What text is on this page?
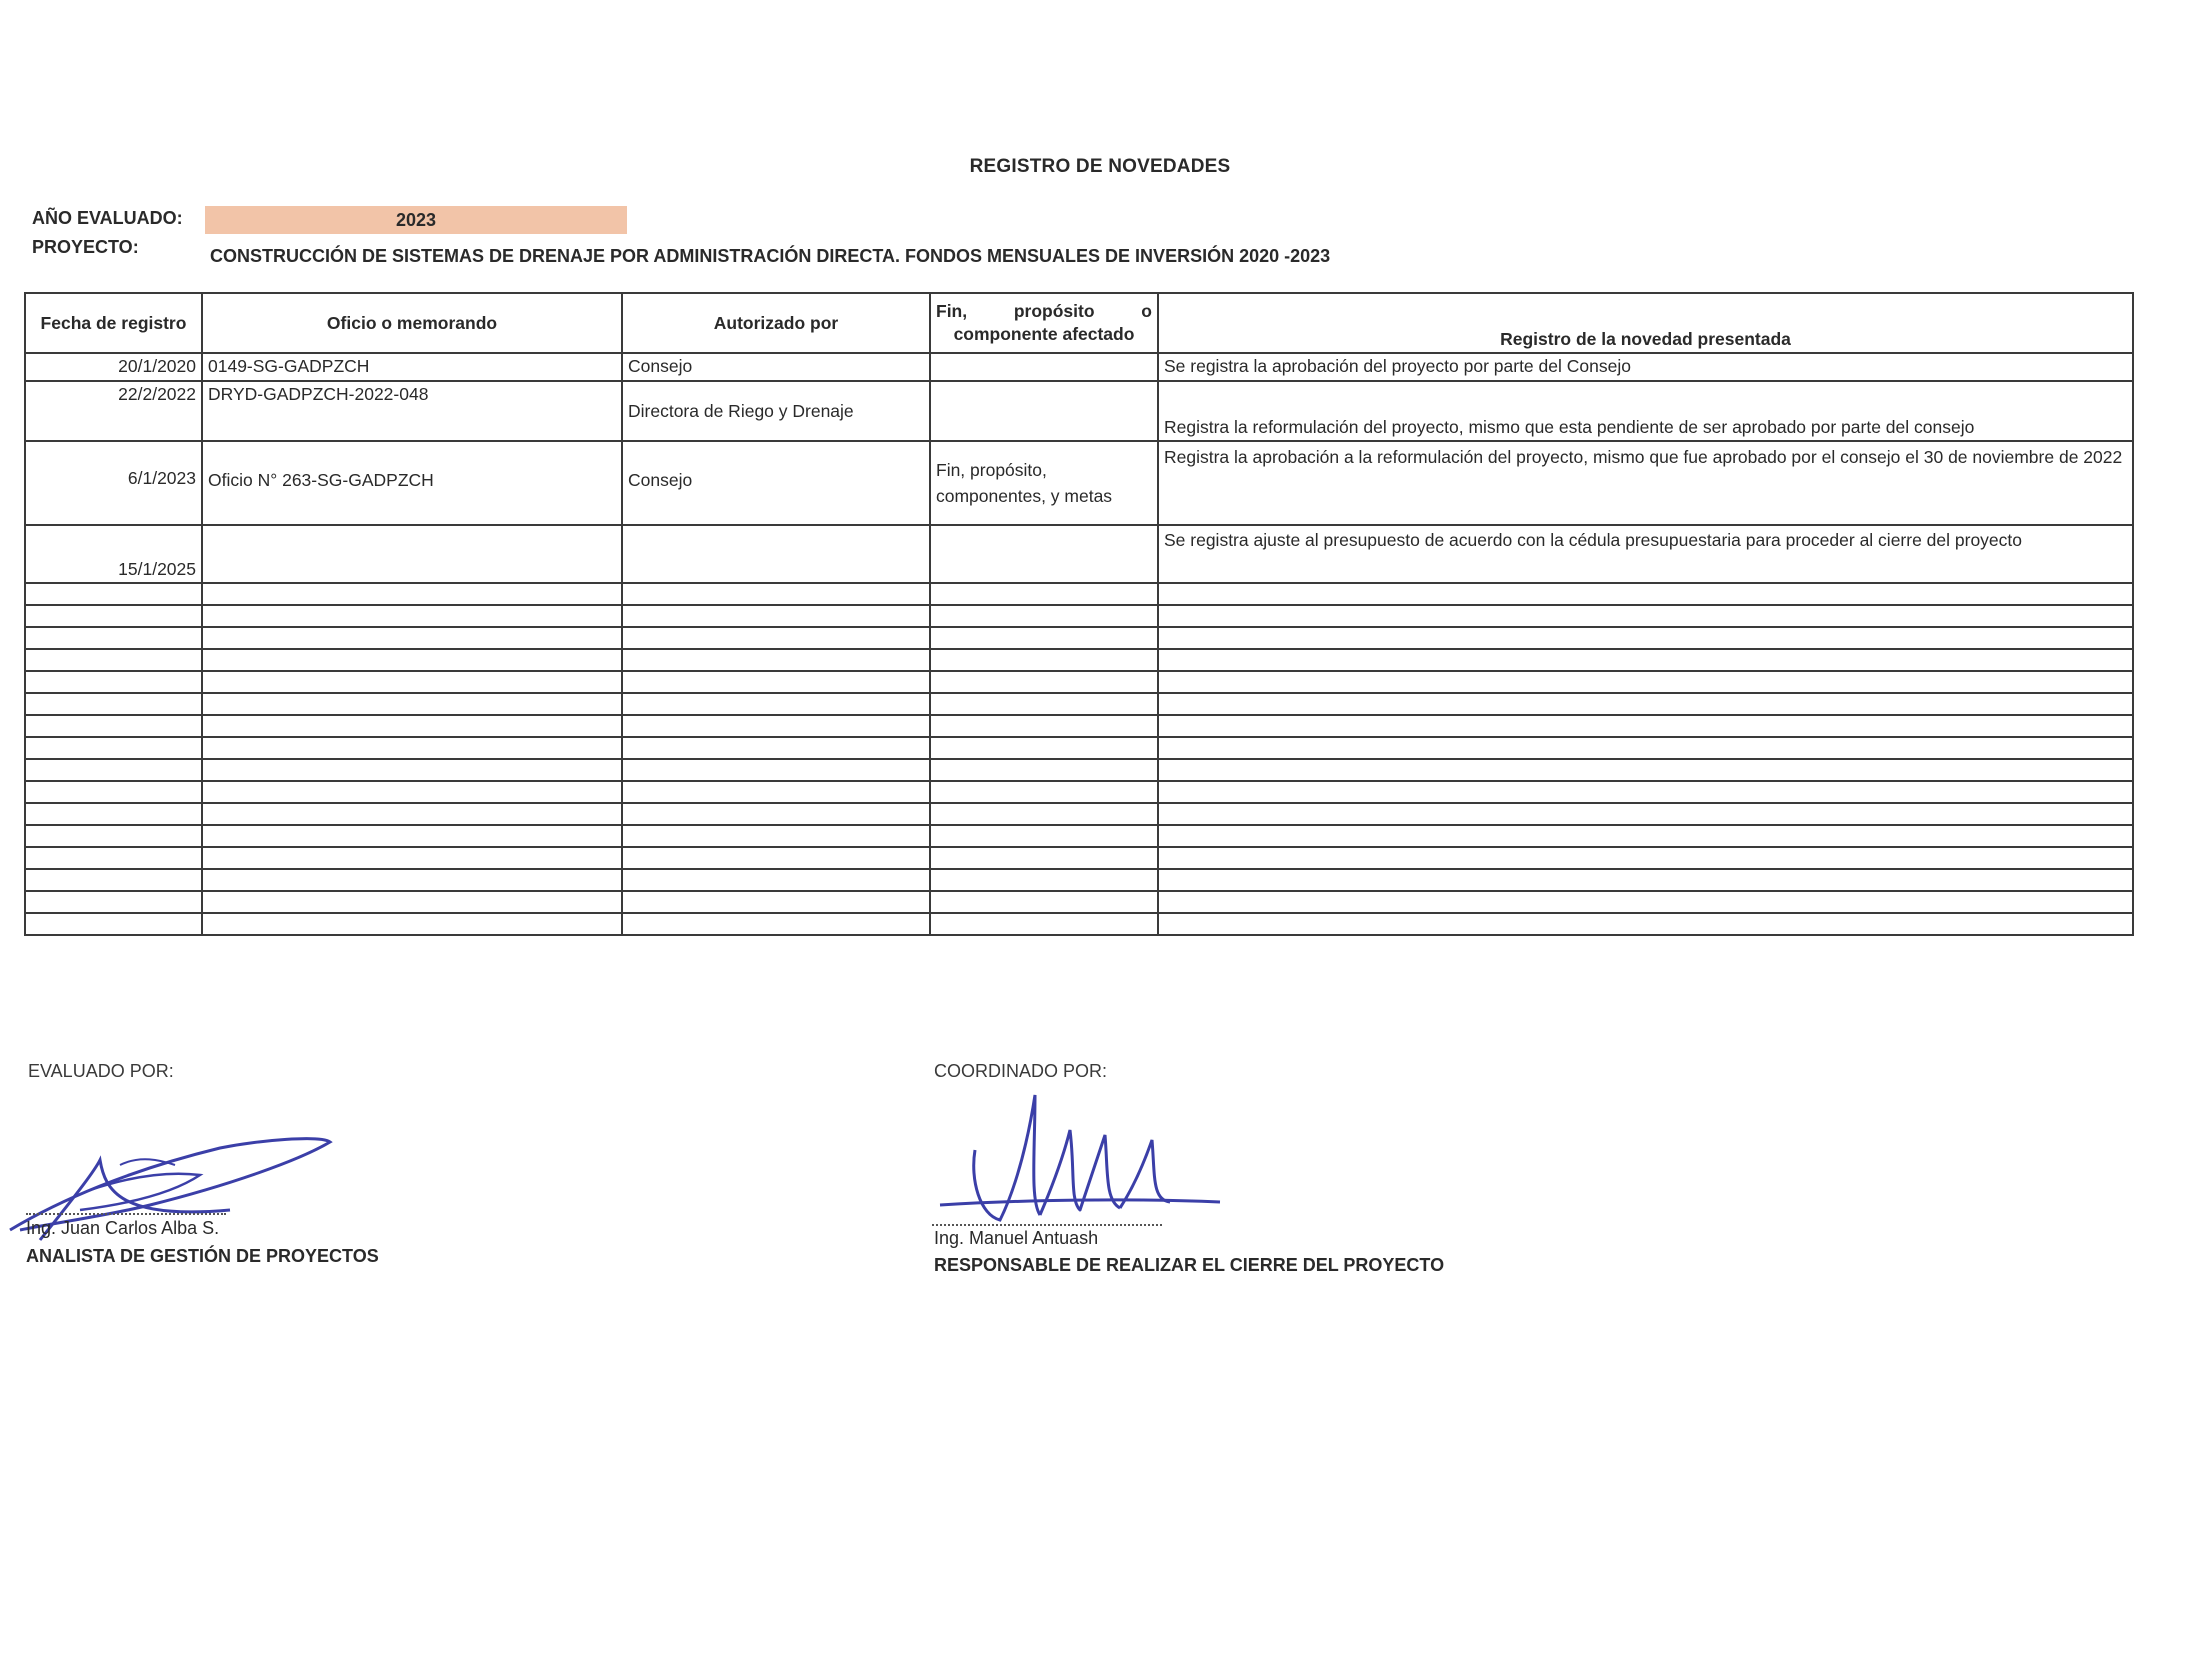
REGISTRO DE NOVEDADES
AÑO EVALUADO:	2023
PROYECTO:	CONSTRUCCIÓN DE SISTEMAS DE DRENAJE POR ADMINISTRACIÓN DIRECTA. FONDOS MENSUALES DE INVERSIÓN 2020 -2023
Fecha de registro	Oficio o memorando	Autorizado por	Fin, propósito o
componente afectado	Registro de la novedad presentada
20/1/2020	0149-SG-GADPZCH	Consejo		Se registra la aprobación del proyecto por parte del Consejo
22/2/2022	DRYD-GADPZCH-2022-048	Directora de Riego y Drenaje		Registra la reformulación del proyecto, mismo que esta pendiente de ser aprobado por parte del consejo
6/1/2023	Oficio N° 263-SG-GADPZCH	Consejo	Fin, propósito, componentes, y metas	Registra la aprobación a la reformulación del proyecto, mismo que fue aprobado por el consejo el 30 de noviembre de 2022
15/1/2025				Se registra ajuste al presupuesto de acuerdo con la cédula presupuestaria para proceder al cierre del proyecto

EVALUADO POR:
Ing. Juan Carlos Alba S.
ANALISTA DE GESTIÓN DE PROYECTOS
COORDINADO POR:
Ing. Manuel Antuash
RESPONSABLE DE REALIZAR EL CIERRE DEL PROYECTO
